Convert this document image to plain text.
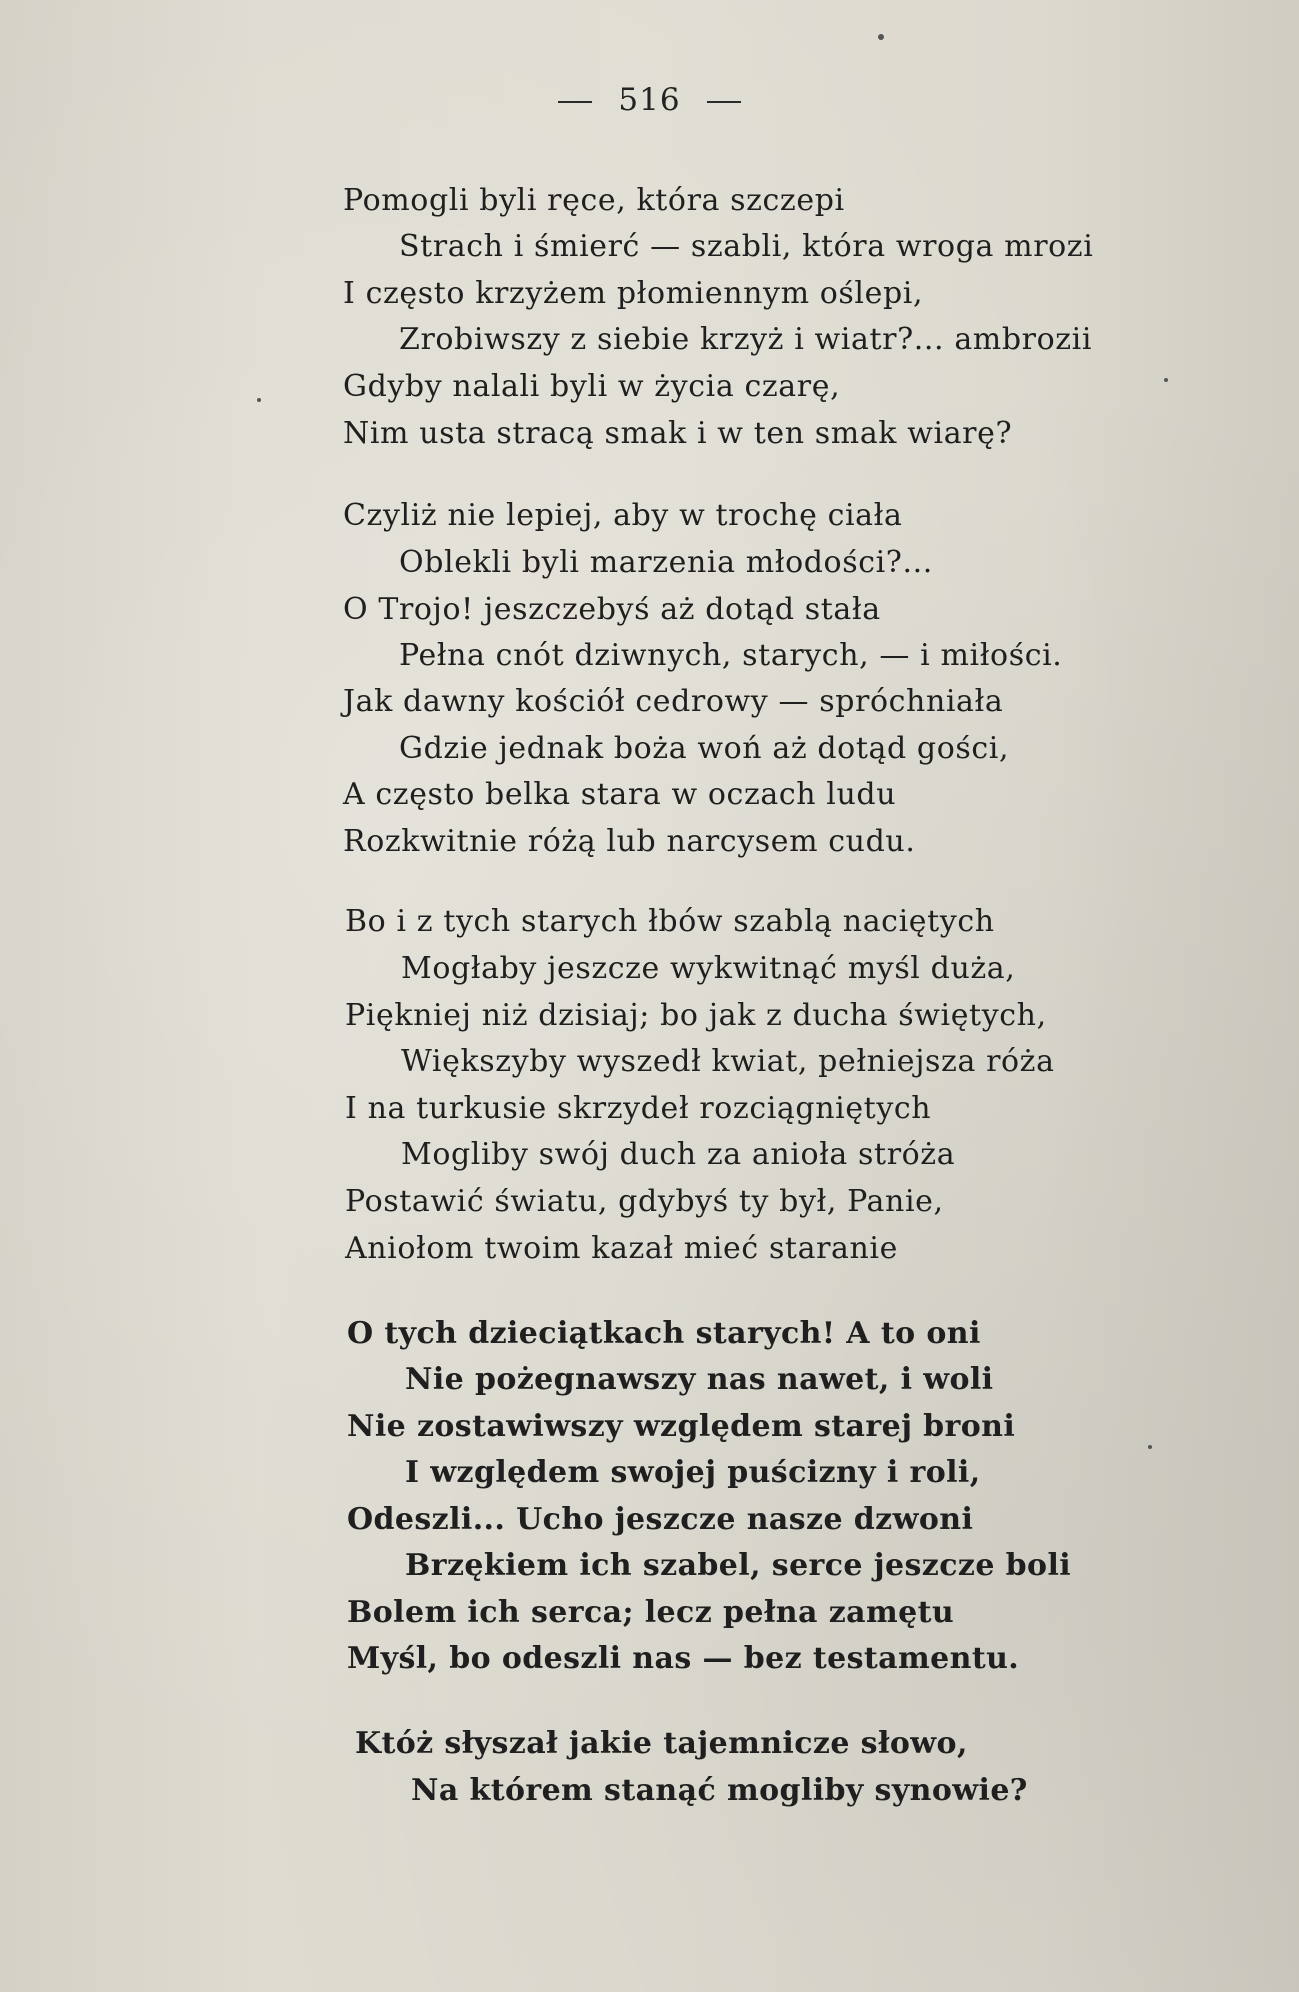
516
Pomogli byli ręce, która szczepi
Strach i śmierć — szabli, która wroga mrozi
I często krzyżem płomiennym oślepi,
Zrobiwszy z siebie krzyż i wiatr?... ambrozii
Gdyby nalali byli w życia czarę,
Nim usta stracą smak i w ten smak wiarę?
Czyliż nie lepiej, aby w trochę ciała
Oblekli byli marzenia młodości?...
O Trojo! jeszczebyś aż dotąd stała
Pełna cnót dziwnych, starych, — i miłości.
Jak dawny kościół cedrowy — spróchniała
Gdzie jednak boża woń aż dotąd gości,
A często belka stara w oczach ludu
Rozkwitnie różą lub narcysem cudu.
Bo i z tych starych łbów szablą naciętych
Mogłaby jeszcze wykwitnąć myśl duża,
Piękniej niż dzisiaj; bo jak z ducha świętych,
Większyby wyszedł kwiat, pełniejsza róża
I na turkusie skrzydeł rozciągniętych
Mogliby swój duch za anioła stróża
Postawić światu, gdybyś ty był, Panie,
Aniołom twoim kazał mieć staranie
O tych dzieciątkach starych! A to oni
Nie pożegnawszy nas nawet, i woli
Nie zostawiwszy względem starej broni
I względem swojej puścizny i roli,
Odeszli... Ucho jeszcze nasze dzwoni
Brzękiem ich szabel, serce jeszcze boli
Bolem ich serca; lecz pełna zamętu
Myśl, bo odeszli nas — bez testamentu.
Któż słyszał jakie tajemnicze słowo,
Na którem stanąć mogliby synowie?
